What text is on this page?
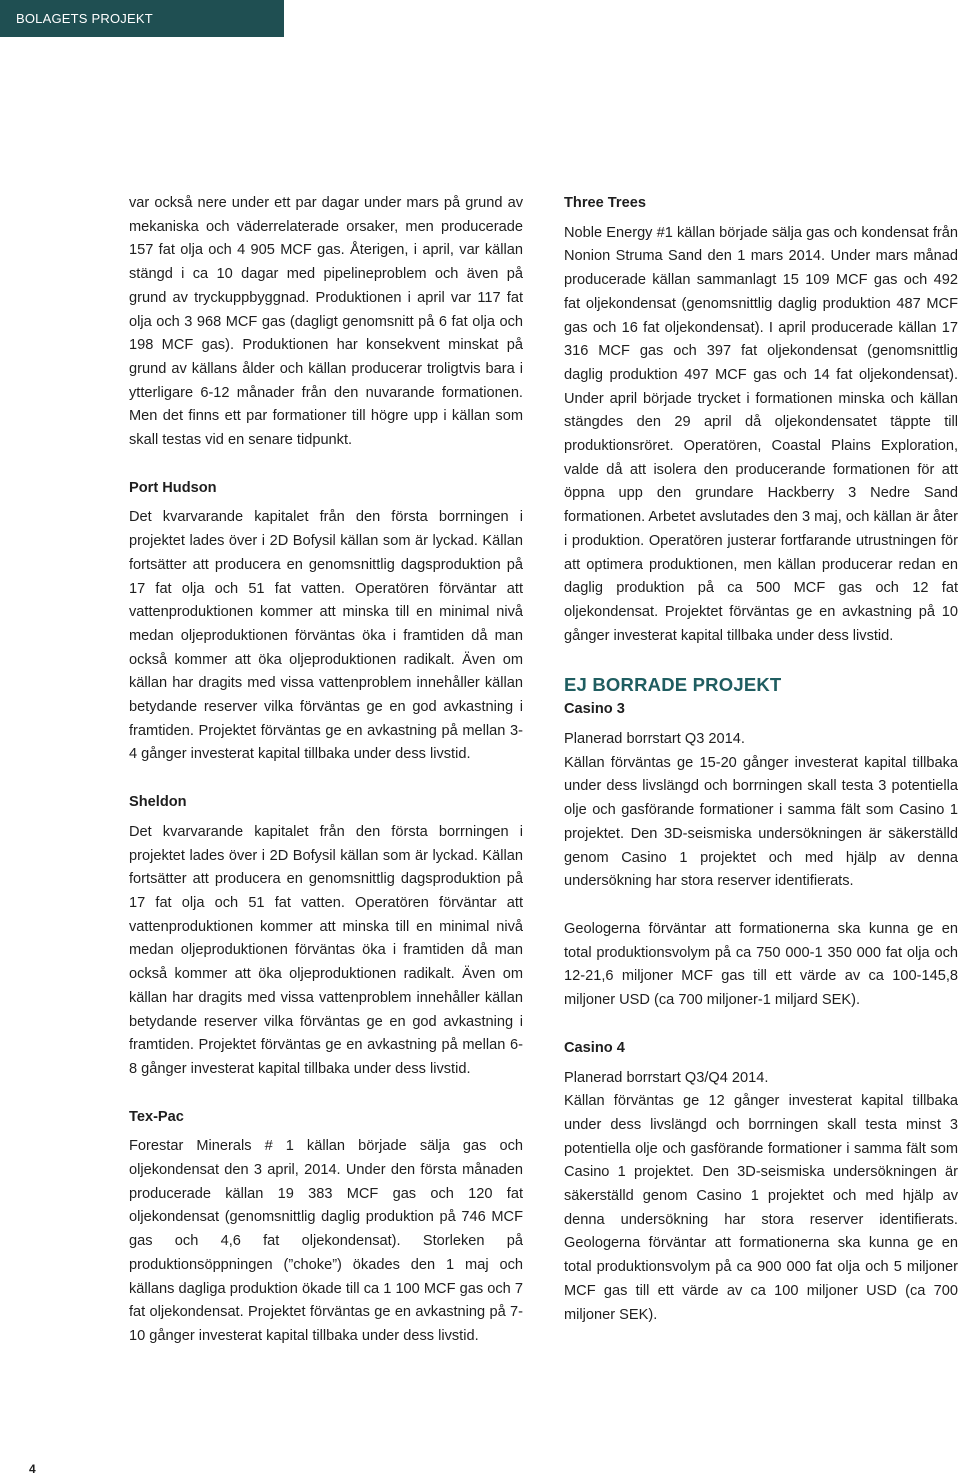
BOLAGETS PROJEKT

var också nere under ett par dagar under mars på grund av mekaniska och väderrelaterade orsaker, men producerade 157 fat olja och 4 905 MCF gas. Återigen, i april, var källan stängd i ca 10 dagar med pipelineproblem och även på grund av tryckuppbyggnad. Produktionen i april var 117 fat olja och 3 968 MCF gas (dagligt genomsnitt på 6 fat olja och 198 MCF gas). Produktionen har konsekvent minskat på grund av källans ålder och källan producerar troligtvis bara i ytterligare 6-12 månader från den nuvarande formationen. Men det finns ett par formationer till högre upp i källan som skall testas vid en senare tidpunkt.

Port Hudson

Det kvarvarande kapitalet från den första borrningen i projektet lades över i 2D Bofysil källan som är lyckad. Källan fortsätter att producera en genomsnittlig dagsproduktion på 17 fat olja och 51 fat vatten. Operatören förväntar att vattenproduktionen kommer att minska till en minimal nivå medan oljeproduktionen förväntas öka i framtiden då man också kommer att öka oljeproduktionen radikalt. Även om källan har dragits med vissa vattenproblem innehåller källan betydande reserver vilka förväntas ge en god avkastning i framtiden. Projektet förväntas ge en avkastning på mellan 3-4 gånger investerat kapital tillbaka under dess livstid.

Sheldon

Det kvarvarande kapitalet från den första borrningen i projektet lades över i 2D Bofysil källan som är lyckad. Källan fortsätter att producera en genomsnittlig dagsproduktion på 17 fat olja och 51 fat vatten. Operatören förväntar att vattenproduktionen kommer att minska till en minimal nivå medan oljeproduktionen förväntas öka i framtiden då man också kommer att öka oljeproduktionen radikalt. Även om källan har dragits med vissa vattenproblem innehåller källan betydande reserver vilka förväntas ge en god avkastning i framtiden. Projektet förväntas ge en avkastning på mellan 6-8 gånger investerat kapital tillbaka under dess livstid.

Tex-Pac

Forestar Minerals # 1 källan började sälja gas och oljekondensat den 3 april, 2014. Under den första månaden producerade källan 19 383 MCF gas och 120 fat oljekondensat (genomsnittlig daglig produktion på 746 MCF gas och 4,6 fat oljekondensat). Storleken på produktionsöppningen (”choke”) ökades den 1 maj och källans dagliga produktion ökade till ca 1 100 MCF gas och 7 fat oljekondensat. Projektet förväntas ge en avkastning på 7-10 gånger investerat kapital tillbaka under dess livstid.

Three Trees

Noble Energy #1 källan började sälja gas och kondensat från Nonion Struma Sand den 1 mars 2014. Under mars månad producerade källan sammanlagt 15 109 MCF gas och 492 fat oljekondensat (genomsnittlig daglig produktion 487 MCF gas och 16 fat oljekondensat). I april producerade källan 17 316 MCF gas och 397 fat oljekondensat (genomsnittlig daglig produktion 497 MCF gas och 14 fat oljekondensat). Under april började trycket i formationen minska och källan stängdes den 29 april då oljekondensatet täppte till produktionsröret. Operatören, Coastal Plains Exploration, valde då att isolera den producerande formationen för att öppna upp den grundare Hackberry 3 Nedre Sand formationen. Arbetet avslutades den 3 maj, och källan är åter i produktion. Operatören justerar fortfarande utrustningen för att optimera produktionen, men källan producerar redan en daglig produktion på ca 500 MCF gas och 12 fat oljekondensat. Projektet förväntas ge en avkastning på 10 gånger investerat kapital tillbaka under dess livstid.

EJ BORRADE PROJEKT
Casino 3

Planerad borrstart Q3 2014.

Källan förväntas ge 15-20 gånger investerat kapital tillbaka under dess livslängd och borrningen skall testa 3 potentiella olje och gasförande formationer i samma fält som Casino 1 projektet. Den 3D-seismiska undersökningen är säkerställd genom Casino 1 projektet och med hjälp av denna undersökning har stora reserver identifierats.

Geologerna förväntar att formationerna ska kunna ge en total produktionsvolym på ca 750 000-1 350 000 fat olja och 12-21,6 miljoner MCF gas till ett värde av ca 100-145,8 miljoner USD (ca 700 miljoner-1 miljard SEK).

Casino 4

Planerad borrstart Q3/Q4 2014.

Källan förväntas ge 12 gånger investerat kapital tillbaka under dess livslängd och borrningen skall testa minst 3 potentiella olje och gasförande formationer i samma fält som Casino 1 projektet. Den 3D-seismiska undersökningen är säkerställd genom Casino 1 projektet och med hjälp av denna undersökning har stora reserver identifierats. Geologerna förväntar att formationerna ska kunna ge en total produktionsvolym på ca 900 000 fat olja och 5 miljoner MCF gas till ett värde av ca 100 miljoner USD (ca 700 miljoner SEK).

4
